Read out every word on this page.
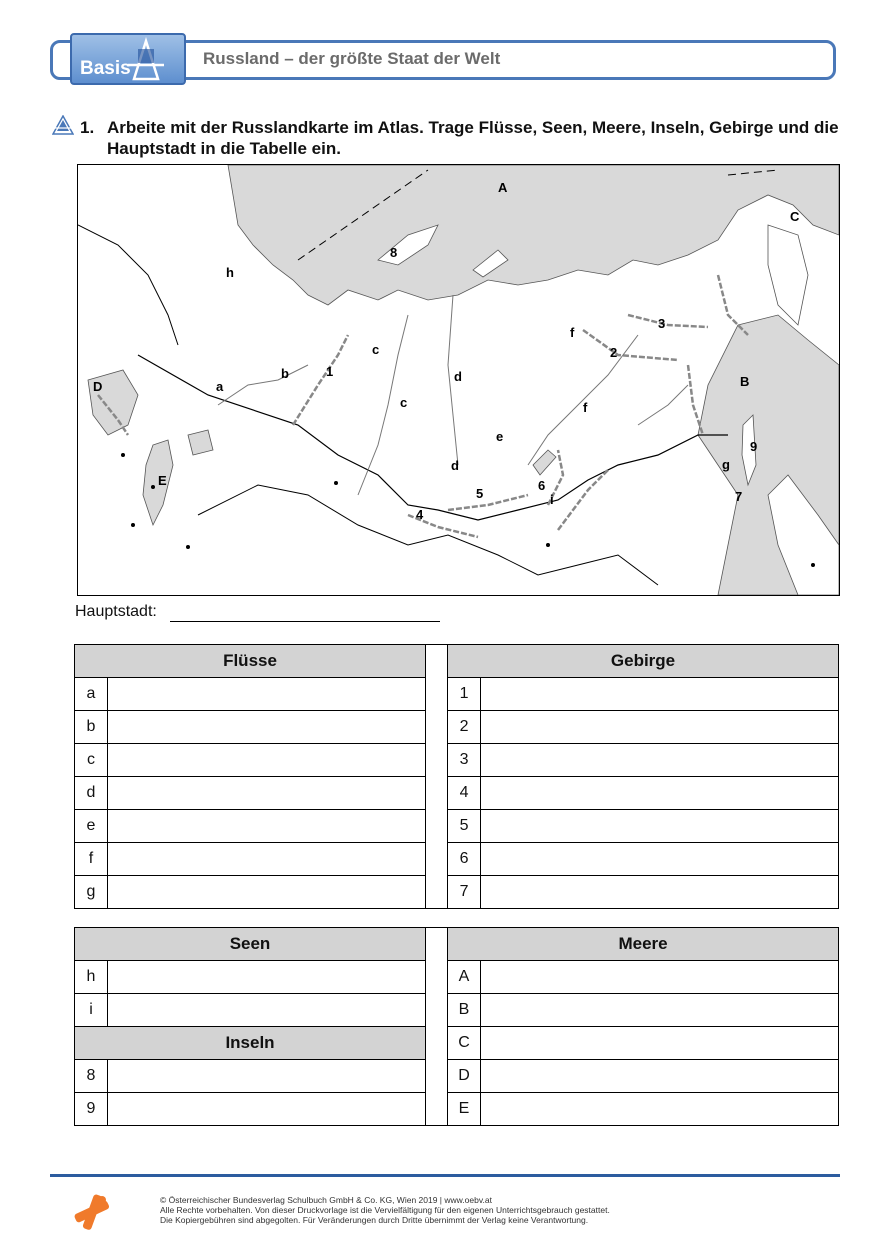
Basis	Russland – der größte Staat der Welt
1. Arbeite mit der Russlandkarte im Atlas. Trage Flüsse, Seen, Meere, Inseln, Gebirge und die Hauptstadt in die Tabelle ein.
A
B
C
D
E
1
2
3
4
5
6
7
8
9
a
b
c
c
d
d
e
f
f
g
h
i
Hauptstadt:
Flüsse			Gebirge	
a			1	
b			2	
c			3	
d			4	
e			5	
f			6	
g			7	
Seen			Meere	
h			A	
i			B	
Inseln			C	
8			D	
9			E	
© Österreichischer Bundesverlag Schulbuch GmbH & Co. KG, Wien 2019 | www.oebv.at
Alle Rechte vorbehalten. Von dieser Druckvorlage ist die Vervielfältigung für den eigenen Unterrichtsgebrauch gestattet.
Die Kopiergebühren sind abgegolten. Für Veränderungen durch Dritte übernimmt der Verlag keine Verantwortung.
